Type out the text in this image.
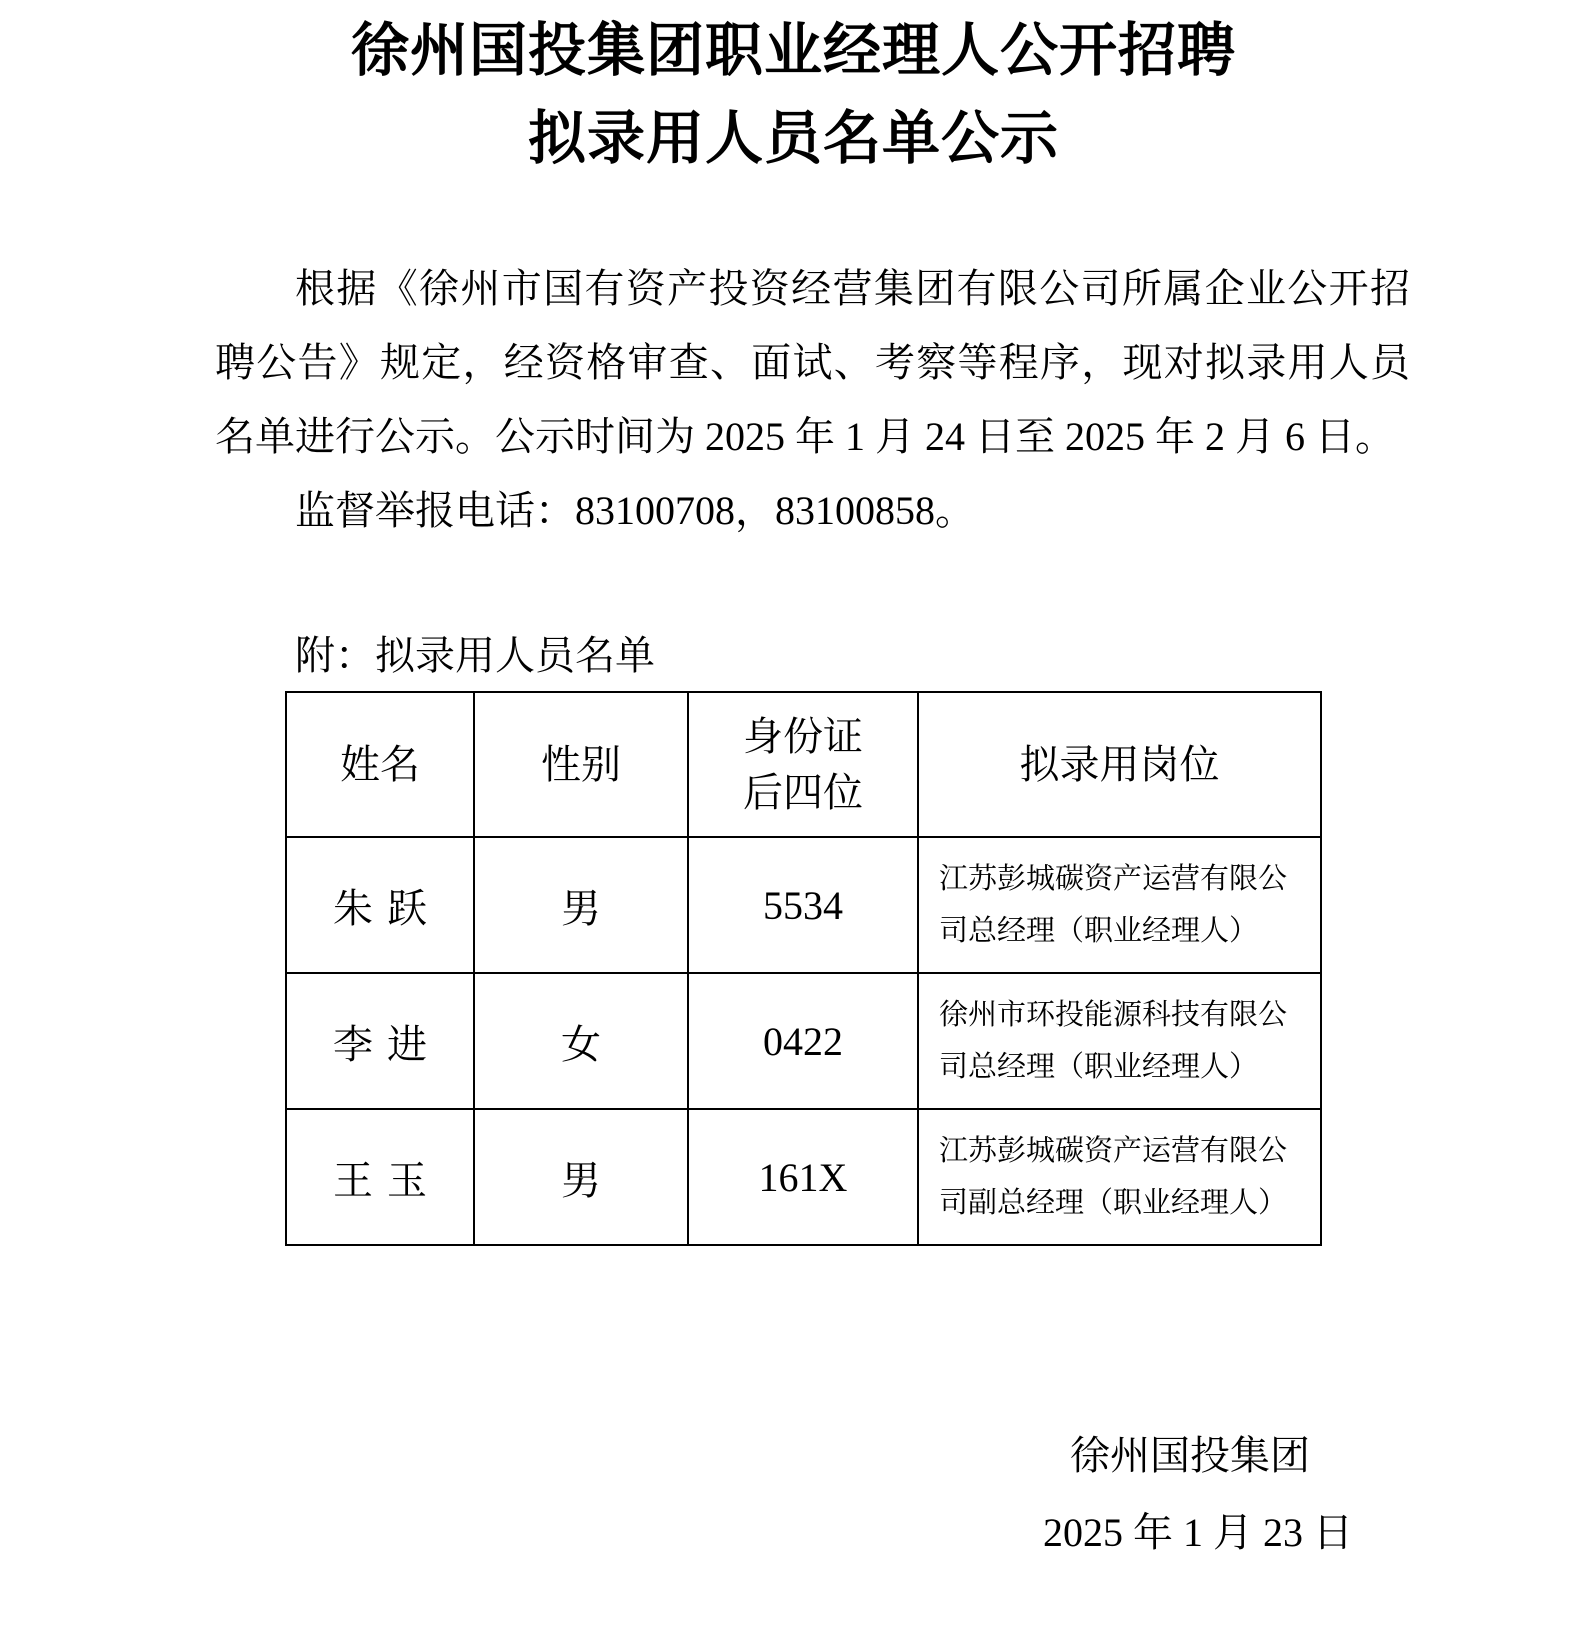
徐州国投集团职业经理人公开招聘
拟录用人员名单公示

根据《徐州市国有资产投资经营集团有限公司所属企业公开招聘公告》规定，经资格审查、面试、考察等程序，现对拟录用人员名单进行公示。公示时间为 2025 年 1 月 24 日至 2025 年 2 月 6 日。

监督举报电话：83100708，83100858。

附：拟录用人员名单

姓名	性别	身份证后四位	拟录用岗位
朱跃	男	5534	江苏彭城碳资产运营有限公司总经理（职业经理人）
李进	女	0422	徐州市环投能源科技有限公司总经理（职业经理人）
王玉	男	161X	江苏彭城碳资产运营有限公司副总经理（职业经理人）
徐州国投集团
2025 年 1 月 23 日
